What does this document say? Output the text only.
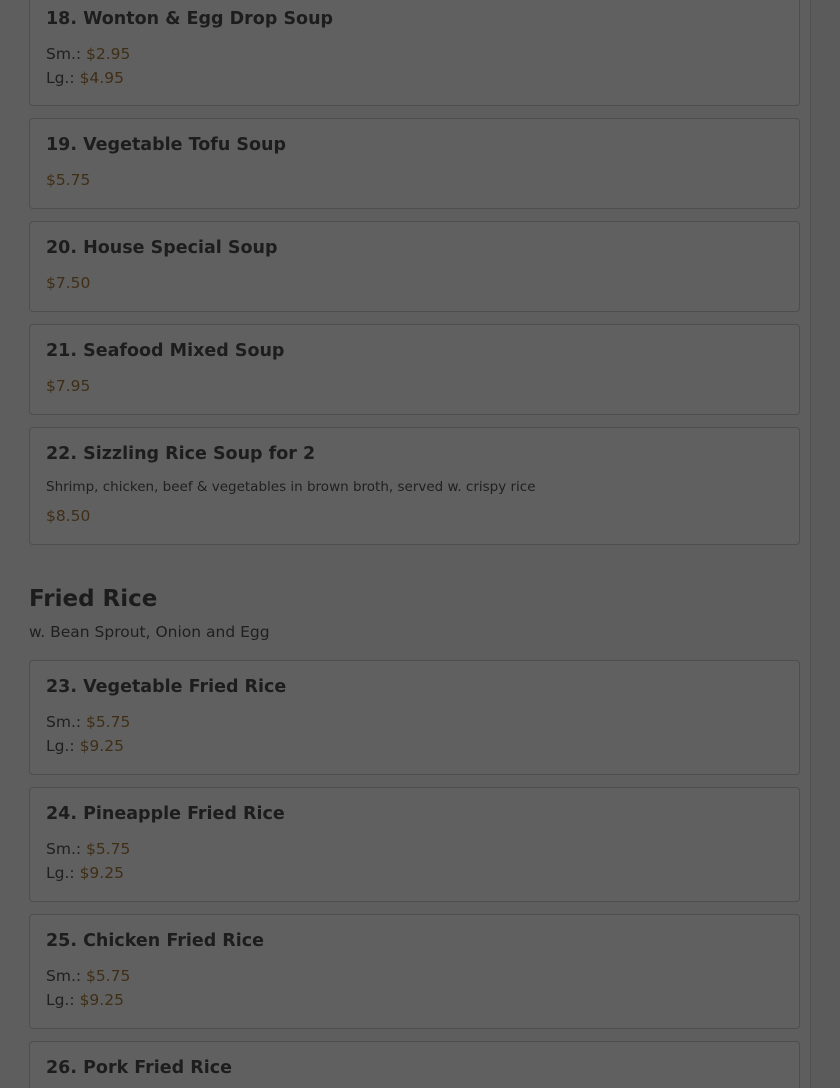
18. Wonton & Egg Drop Soup
Sm.: $2.95
Lg.: $4.95
19. Vegetable Tofu Soup
$5.75
20. House Special Soup
$7.50
21. Seafood Mixed Soup
$7.95
22. Sizzling Rice Soup for 2
Shrimp, chicken, beef & vegetables in brown broth, served w. crispy rice
$8.50
Fried Rice
w. Bean Sprout, Onion and Egg
23. Vegetable Fried Rice
Sm.: $5.75
Lg.: $9.25
24. Pineapple Fried Rice
Sm.: $5.75
Lg.: $9.25
25. Chicken Fried Rice
Sm.: $5.75
Lg.: $9.25
26. Pork Fried Rice
